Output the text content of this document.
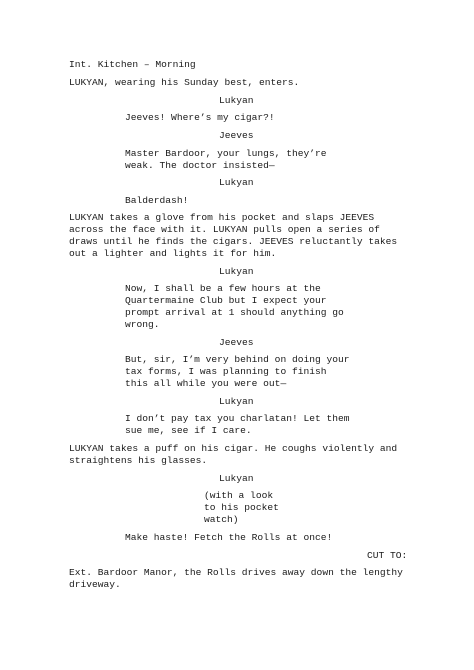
Int. Kitchen – Morning
LUKYAN, wearing his Sunday best, enters.
Lukyan
Jeeves! Where’s my cigar?!
Jeeves
Master Bardoor, your lungs, they’re
weak. The doctor insisted—
Lukyan
Balderdash!
LUKYAN takes a glove from his pocket and slaps JEEVES
across the face with it. LUKYAN pulls open a series of
draws until he finds the cigars. JEEVES reluctantly takes
out a lighter and lights it for him.
Lukyan
Now, I shall be a few hours at the
Quartermaine Club but I expect your
prompt arrival at 1 should anything go
wrong.
Jeeves
But, sir, I’m very behind on doing your
tax forms, I was planning to finish
this all while you were out—
Lukyan
I don’t pay tax you charlatan! Let them
sue me, see if I care.
LUKYAN takes a puff on his cigar. He coughs violently and
straightens his glasses.
Lukyan
(with a look
to his pocket
watch)
Make haste! Fetch the Rolls at once!
CUT TO:
Ext. Bardoor Manor, the Rolls drives away down the lengthy
driveway.
